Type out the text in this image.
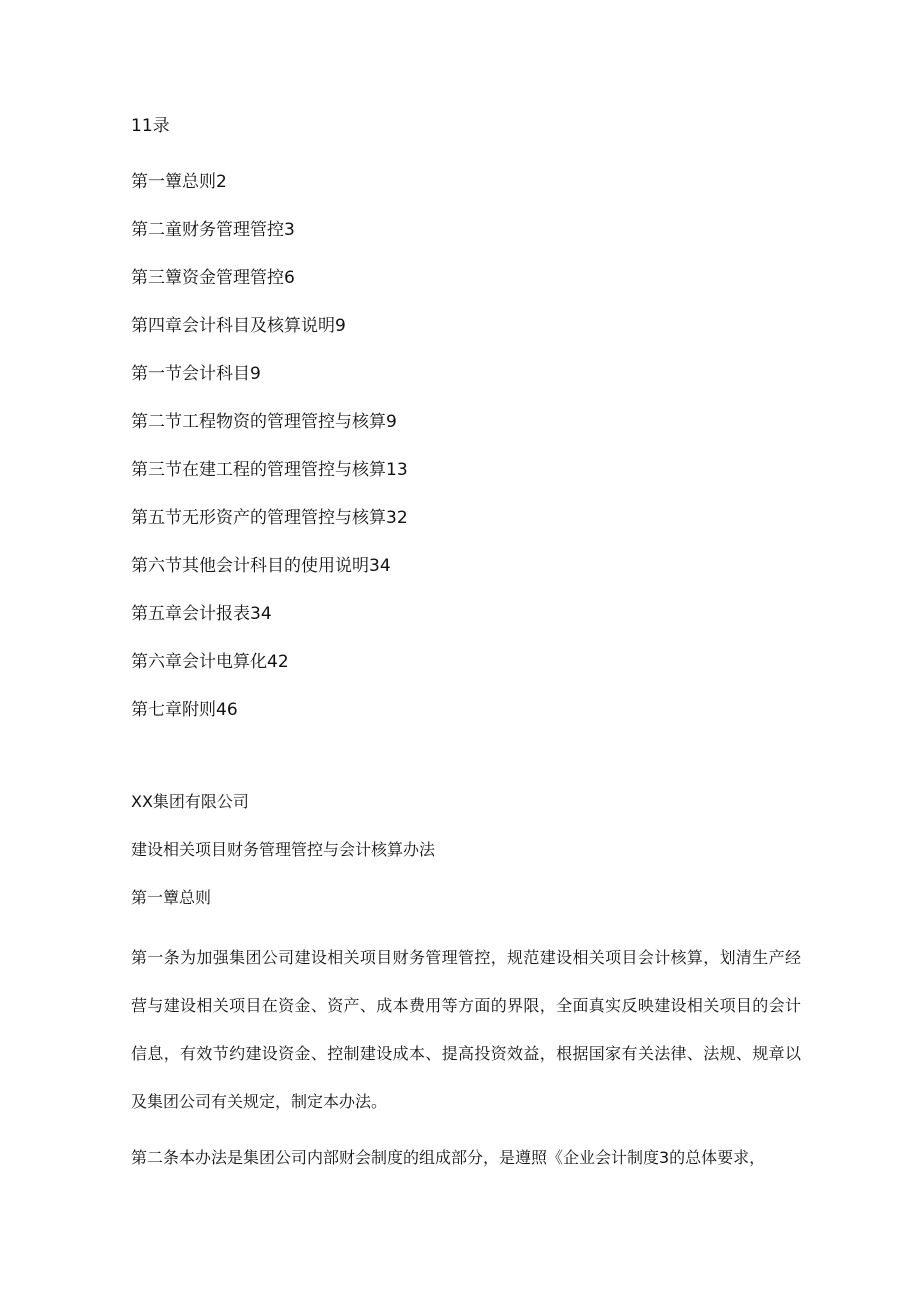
11录
第一簟总则2
第二童财务管理管控3
第三簟资金管理管控6
第四章会计科目及核算说明9
第一节会计科目9
第二节工程物资的管理管控与核算9
第三节在建工程的管理管控与核算13
第五节无形资产的管理管控与核算32
第六节其他会计科目的使用说明34
第五章会计报表34
第六章会计电算化42
第七章附则46
XX集团有限公司
建设相关项目财务管理管控与会计核算办法
第一簟总则

第一条为加强集团公司建设相关项目财务管理管控，规范建设相关项目会计核算，划清生产经营与建设相关项目在资金、资产、成本费用等方面的界限，全面真实反映建设相关项目的会计信息，有效节约建设资金、控制建设成本、提高投资效益，根据国家有关法律、法规、规章以及集团公司有关规定，制定本办法。

第二条本办法是集团公司内部财会制度的组成部分，是遵照《企业会计制度3的总体要求，
